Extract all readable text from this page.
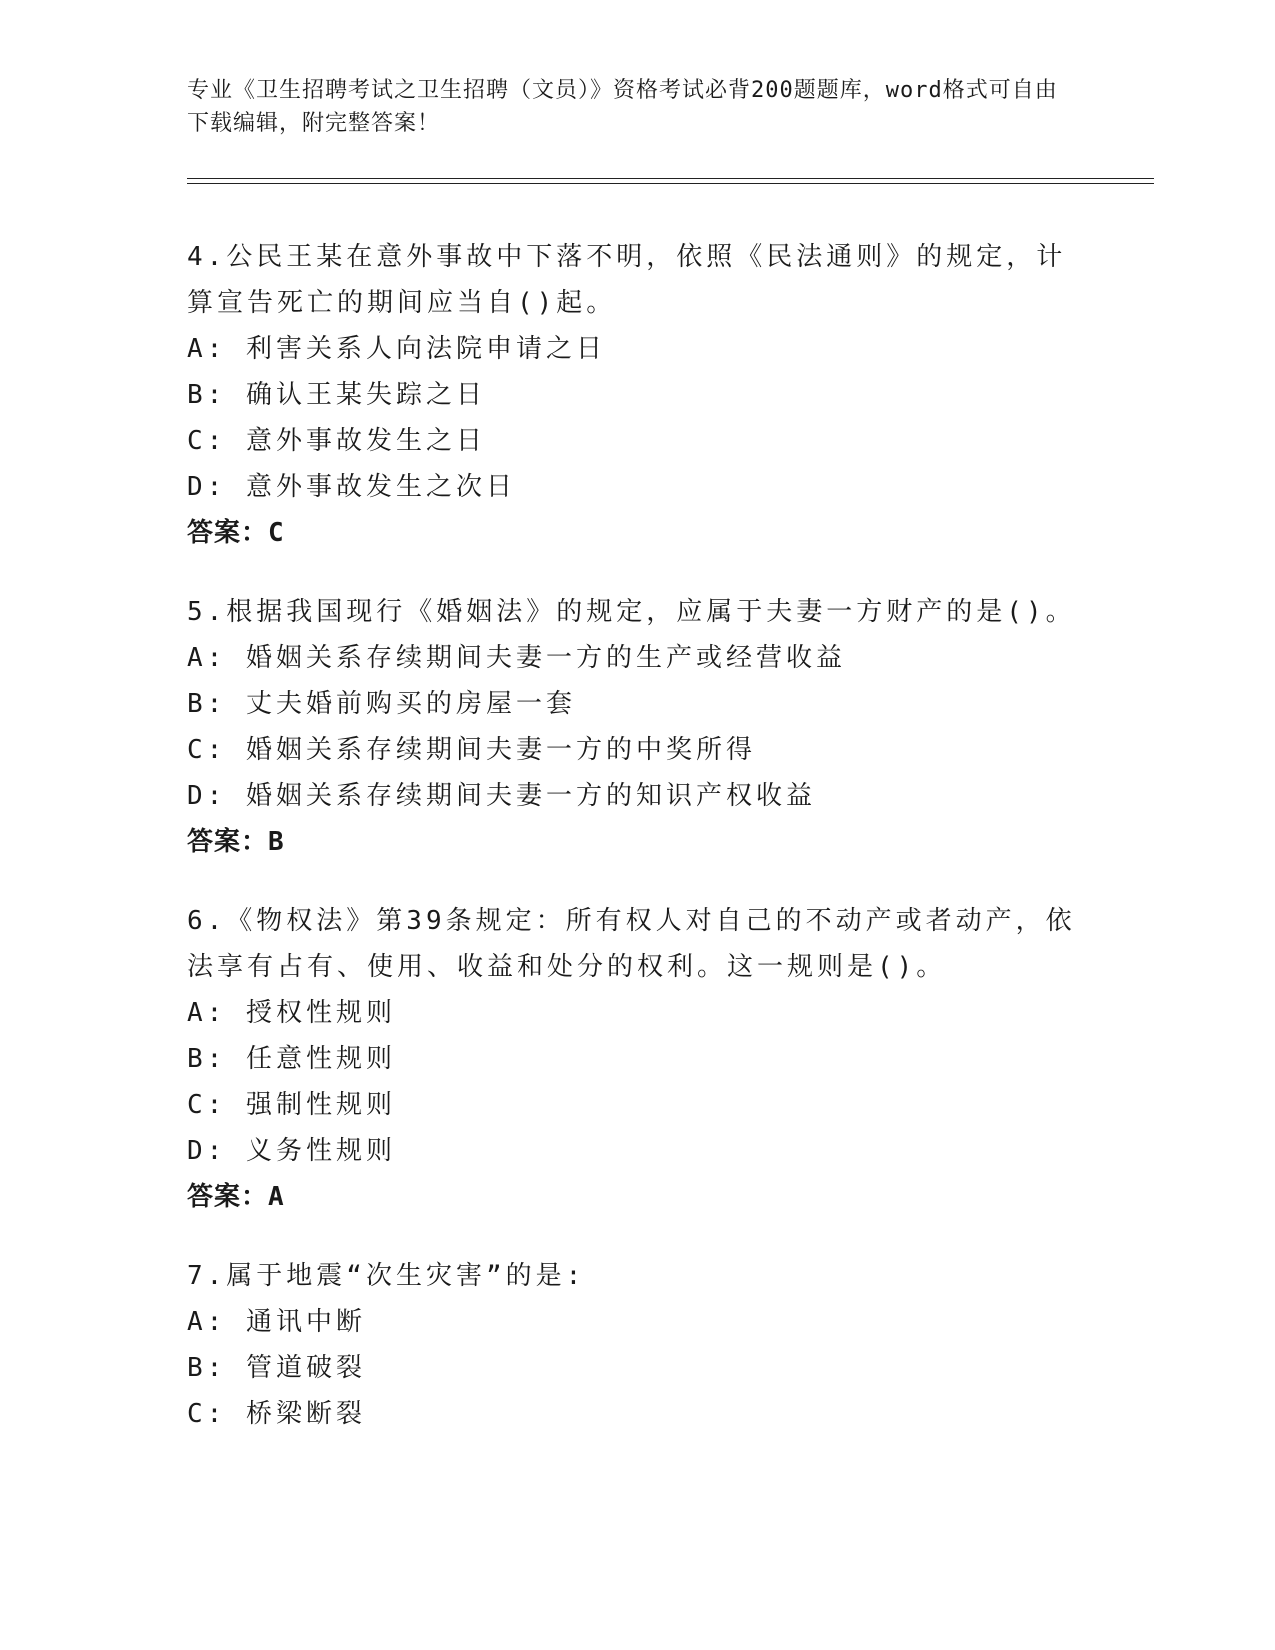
专业《卫生招聘考试之卫生招聘（文员）》资格考试必背200题题库，word格式可自由下载编辑，附完整答案！
4.公民王某在意外事故中下落不明，依照《民法通则》的规定，计算宣告死亡的期间应当自()起。
A: 利害关系人向法院申请之日
B: 确认王某失踪之日
C: 意外事故发生之日
D: 意外事故发生之次日
答案：C
5.根据我国现行《婚姻法》的规定，应属于夫妻一方财产的是()。
A: 婚姻关系存续期间夫妻一方的生产或经营收益
B: 丈夫婚前购买的房屋一套
C: 婚姻关系存续期间夫妻一方的中奖所得
D: 婚姻关系存续期间夫妻一方的知识产权收益
答案：B
6.《物权法》第39条规定：所有权人对自己的不动产或者动产，依法享有占有、使用、收益和处分的权利。这一规则是()。
A: 授权性规则
B: 任意性规则
C: 强制性规则
D: 义务性规则
答案：A
7.属于地震“次生灾害”的是:
A: 通讯中断
B: 管道破裂
C: 桥梁断裂
